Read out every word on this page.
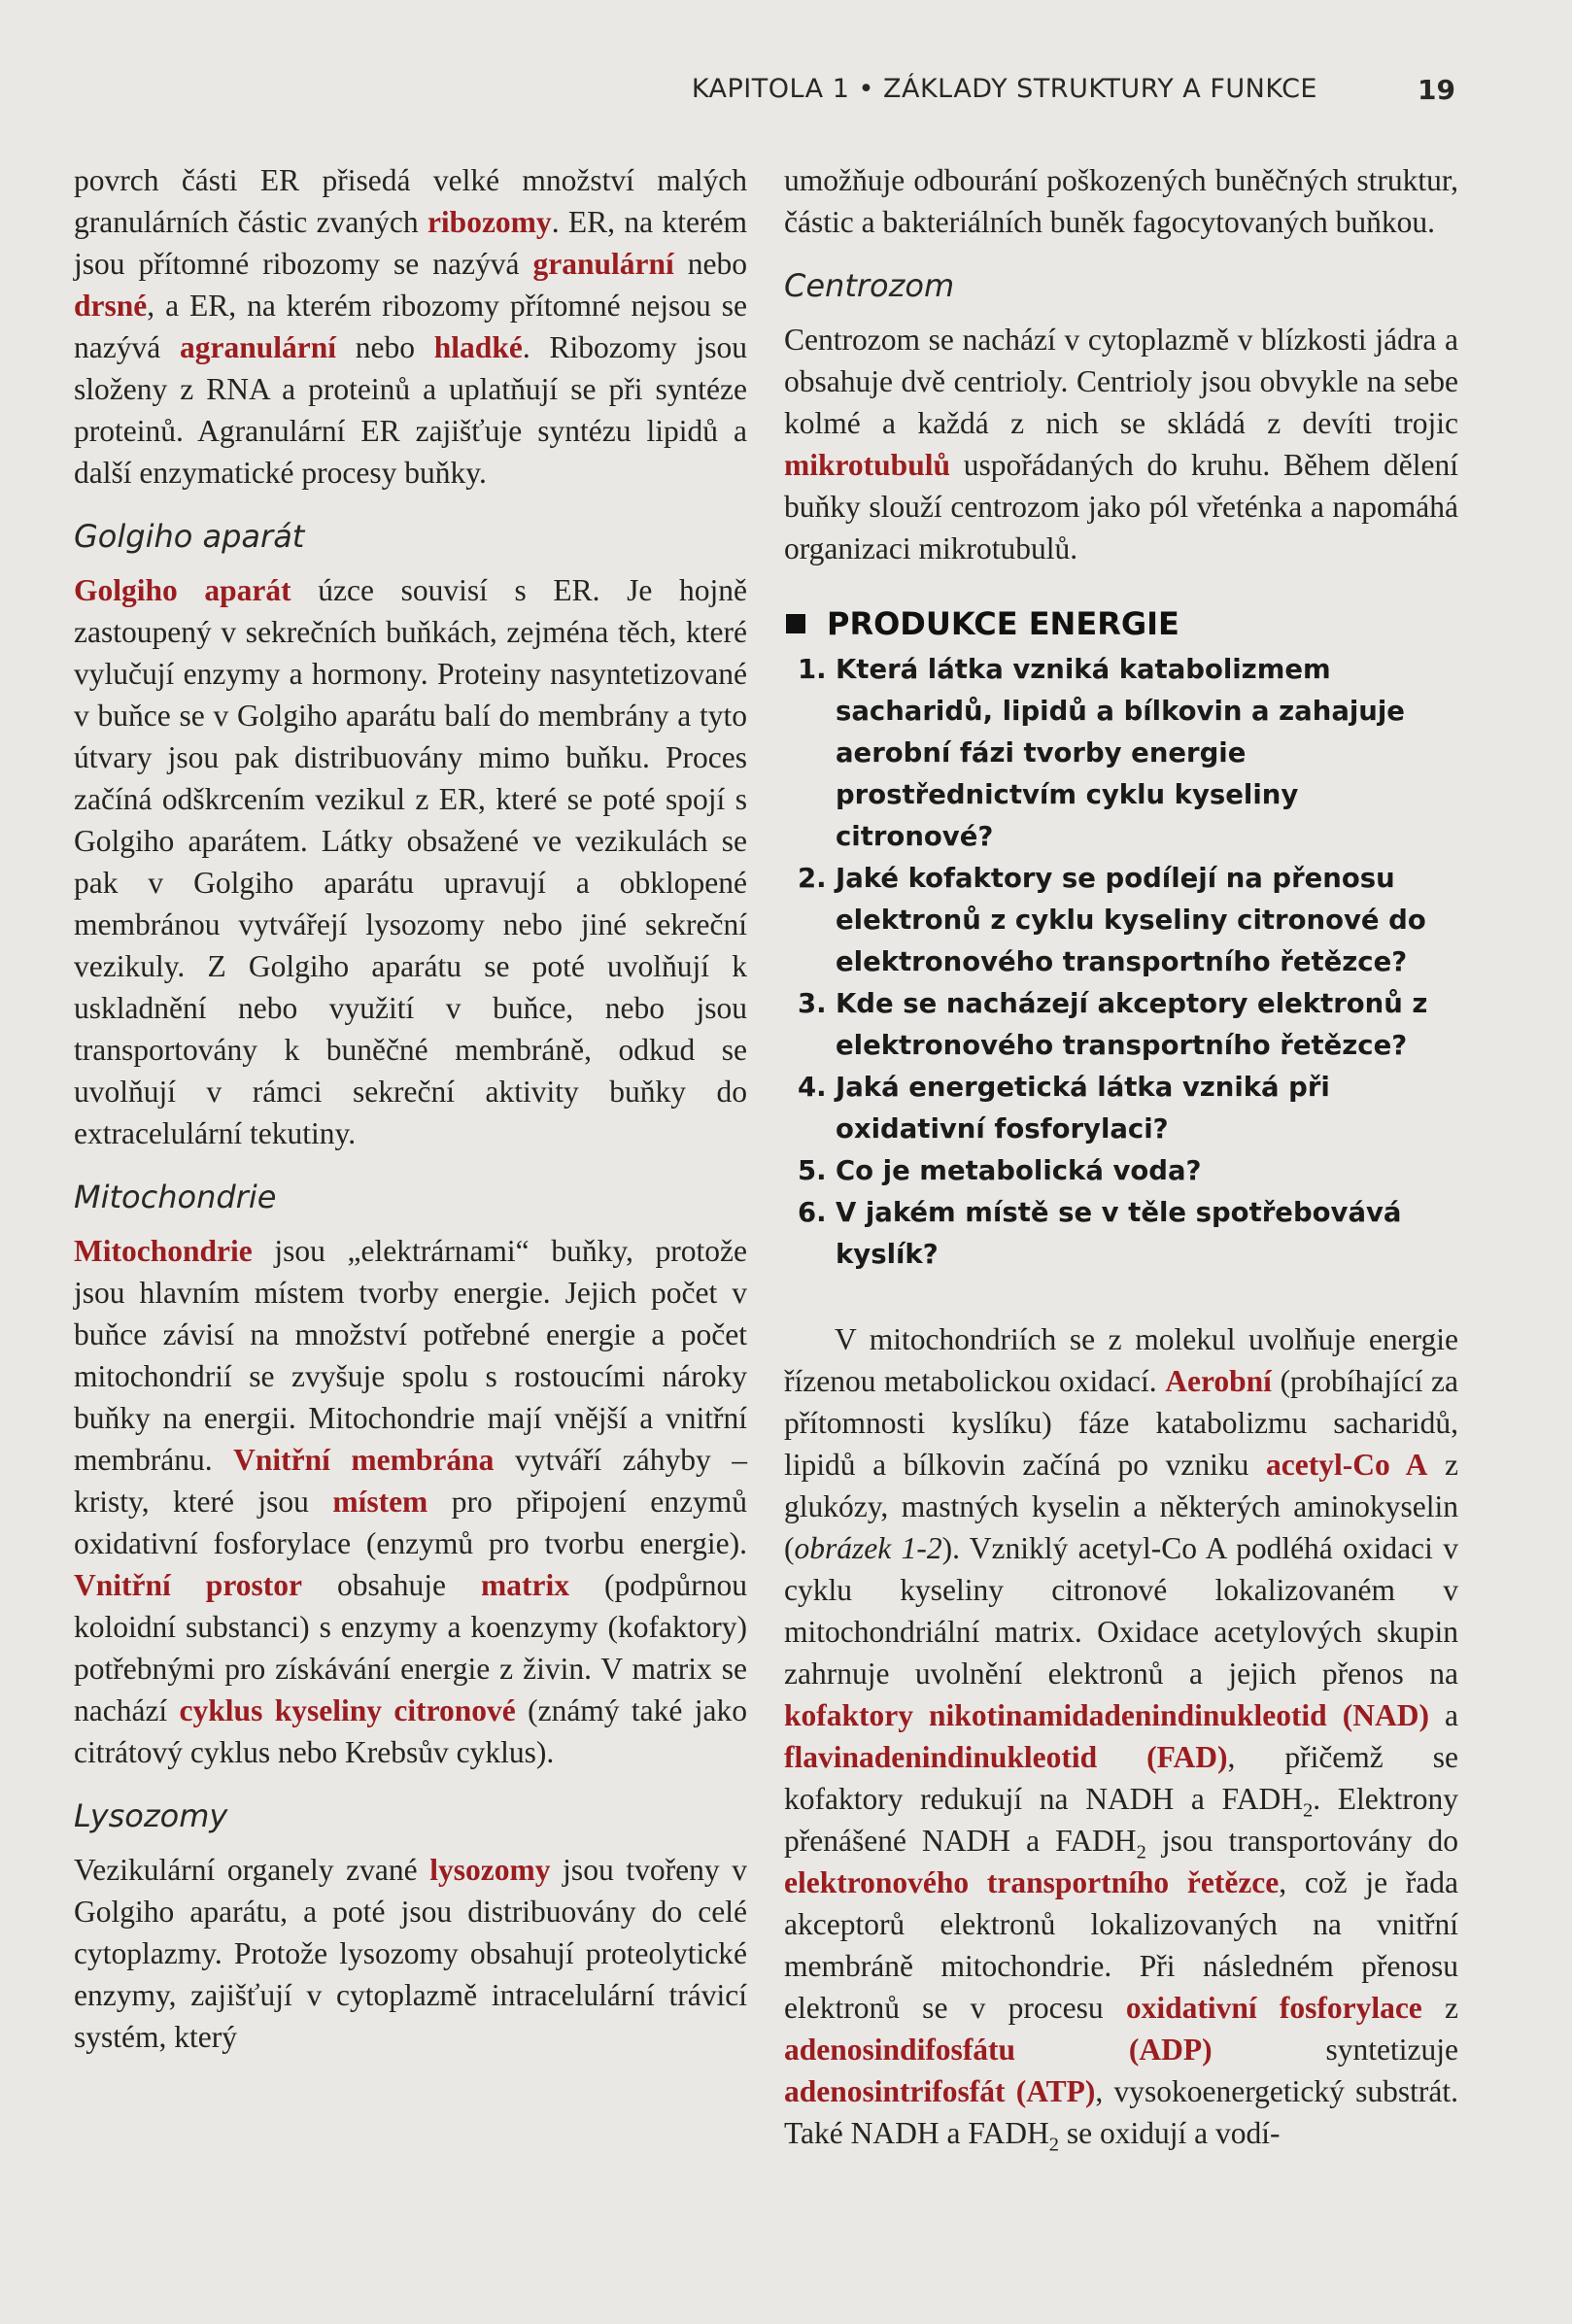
KAPITOLA 1 • ZÁKLADY STRUKTURY A FUNKCE	19

povrch části ER přisedá velké množství malých granulárních částic zvaných ribozomy. ER, na kterém jsou přítomné ribozomy se nazývá granulární nebo drsné, a ER, na kterém ribozomy přítomné nejsou se nazývá agranulární nebo hladké. Ribozomy jsou složeny z RNA a proteinů a uplatňují se při syntéze proteinů. Agranulární ER zajišťuje syntézu lipidů a další enzymatické procesy buňky.

Golgiho aparát

Golgiho aparát úzce souvisí s ER. Je hojně zastoupený v sekrečních buňkách, zejména těch, které vylučují enzymy a hormony. Proteiny nasyntetizované v buňce se v Golgiho aparátu balí do membrány a tyto útvary jsou pak distribuovány mimo buňku. Proces začíná odškrcením vezikul z ER, které se poté spojí s Golgiho aparátem. Látky obsažené ve vezikulách se pak v Golgiho aparátu upravují a obklopené membránou vytvářejí lysozomy nebo jiné sekreční vezikuly. Z Golgiho aparátu se poté uvolňují k uskladnění nebo využití v buňce, nebo jsou transportovány k buněčné membráně, odkud se uvolňují v rámci sekreční aktivity buňky do extracelulární tekutiny.

Mitochondrie

Mitochondrie jsou „elektrárnami“ buňky, protože jsou hlavním místem tvorby energie. Jejich počet v buňce závisí na množství potřebné energie a počet mitochondrií se zvyšuje spolu s rostoucími nároky buňky na energii. Mitochondrie mají vnější a vnitřní membránu. Vnitřní membrána vytváří záhyby – kristy, které jsou místem pro připojení enzymů oxidativní fosforylace (enzymů pro tvorbu energie). Vnitřní prostor obsahuje matrix (podpůrnou koloidní substanci) s enzymy a koenzymy (kofaktory) potřebnými pro získávání energie z živin. V matrix se nachází cyklus kyseliny citronové (známý také jako citrátový cyklus nebo Krebsův cyklus).

Lysozomy

Vezikulární organely zvané lysozomy jsou tvořeny v Golgiho aparátu, a poté jsou distribuovány do celé cytoplazmy. Protože lysozomy obsahují proteolytické enzymy, zajišťují v cytoplazmě intracelulární trávicí systém, který

umožňuje odbourání poškozených buněčných struktur, částic a bakteriálních buněk fagocytovaných buňkou.

Centrozom

Centrozom se nachází v cytoplazmě v blízkosti jádra a obsahuje dvě centrioly. Centrioly jsou obvykle na sebe kolmé a každá z nich se skládá z devíti trojic mikrotubulů uspořádaných do kruhu. Během dělení buňky slouží centrozom jako pól vřeténka a napomáhá organizaci mikrotubulů.

PRODUKCE ENERGIE
1. Která látka vzniká katabolizmem sacharidů, lipidů a bílkovin a zahajuje aerobní fázi tvorby energie prostřednictvím cyklu kyseliny citronové?
2. Jaké kofaktory se podílejí na přenosu elektronů z cyklu kyseliny citronové do elektronového transportního řetězce?
3. Kde se nacházejí akceptory elektronů z elektronového transportního řetězce?
4. Jaká energetická látka vzniká při oxidativní fosforylaci?
5. Co je metabolická voda?
6. V jakém místě se v těle spotřebovává kyslík?

V mitochondriích se z molekul uvolňuje energie řízenou metabolickou oxidací. Aerobní (probíhající za přítomnosti kyslíku) fáze katabolizmu sacharidů, lipidů a bílkovin začíná po vzniku acetyl-Co A z glukózy, mastných kyselin a některých aminokyselin (obrázek 1-2). Vzniklý acetyl-Co A podléhá oxidaci v cyklu kyseliny citronové lokalizovaném v mitochondriální matrix. Oxidace acetylových skupin zahrnuje uvolnění elektronů a jejich přenos na kofaktory nikotinamidadenindinukleotid (NAD) a flavinadenindinukleotid (FAD), přičemž se kofaktory redukují na NADH a $FADH_2$. Elektrony přenášené NADH a $FADH_2$ jsou transportovány do elektronového transportního řetězce, což je řada akceptorů elektronů lokalizovaných na vnitřní membráně mitochondrie. Při následném přenosu elektronů se v procesu oxidativní fosforylace z adenosindifosfátu (ADP) syntetizuje adenosintrifosfát (ATP), vysokoenergetický substrát. Také NADH a $FADH_2$ se oxidují a vodí-
